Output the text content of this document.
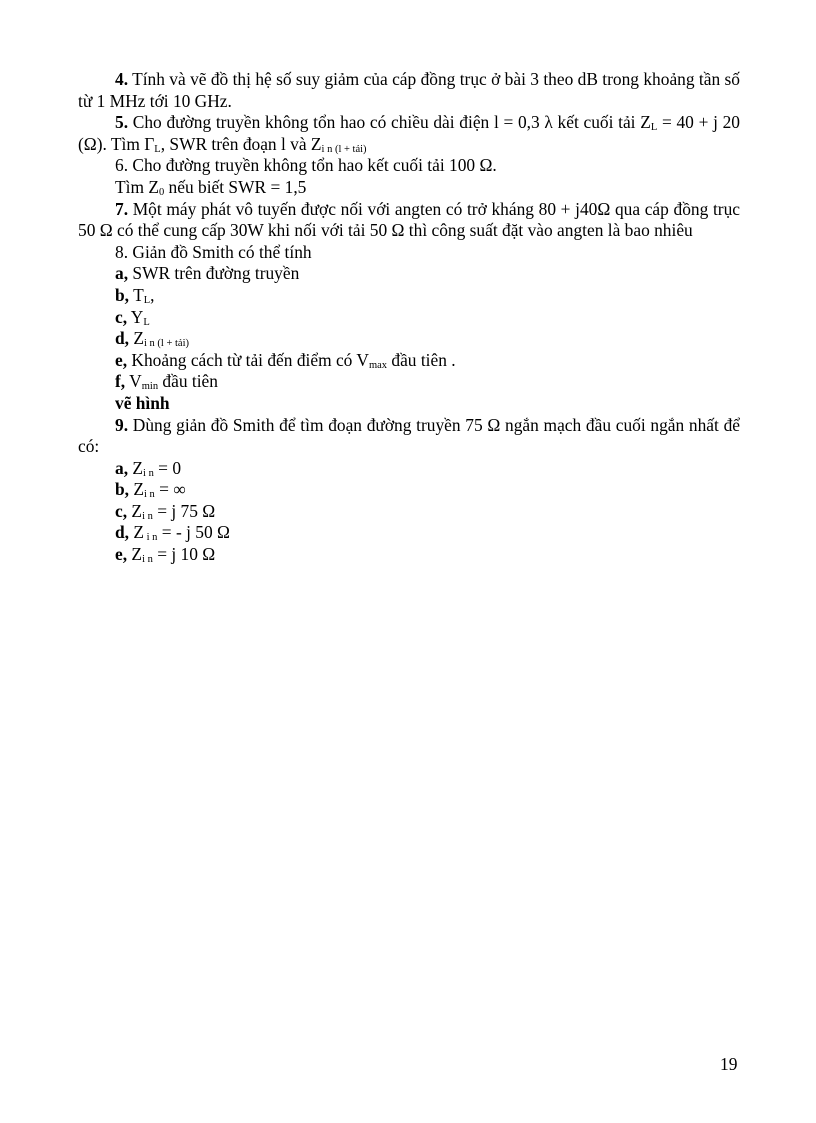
4. Tính và vẽ đồ thị hệ số suy giảm của cáp đồng trục ở bài 3 theo dB trong khoảng tần số từ 1 MHz tới 10 GHz.

5. Cho đường truyền không tổn hao có chiều dài điện l = 0,3 λ kết cuối tải ZL = 40 + j 20 (Ω). Tìm ΓL, SWR trên đoạn l và Zi n (l + tải)

6. Cho đường truyền không tổn hao kết cuối tải 100 Ω.

Tìm Z0 nếu biết SWR = 1,5

7. Một máy phát vô tuyến được nối với angten có trở kháng 80 + j40Ω qua cáp đồng trục 50 Ω có thể cung cấp 30W khi nối với tải 50 Ω thì công suất đặt vào angten là bao nhiêu

8. Giản đồ Smith có thể tính

a, SWR trên đường truyền

b, TL,

c, YL

d, Zi n (l + tải)

e, Khoảng cách từ tải đến điểm có Vmax đầu tiên .

f, Vmin đầu tiên

vẽ hình

9. Dùng giản đồ Smith để tìm đoạn đường truyền 75 Ω ngắn mạch đầu cuối ngắn nhất để có:

a, Zi n = 0

b, Zi n = ∞

c, Zi n = j 75 Ω

d, Z i n = - j 50 Ω

e, Zi n = j 10 Ω

19
